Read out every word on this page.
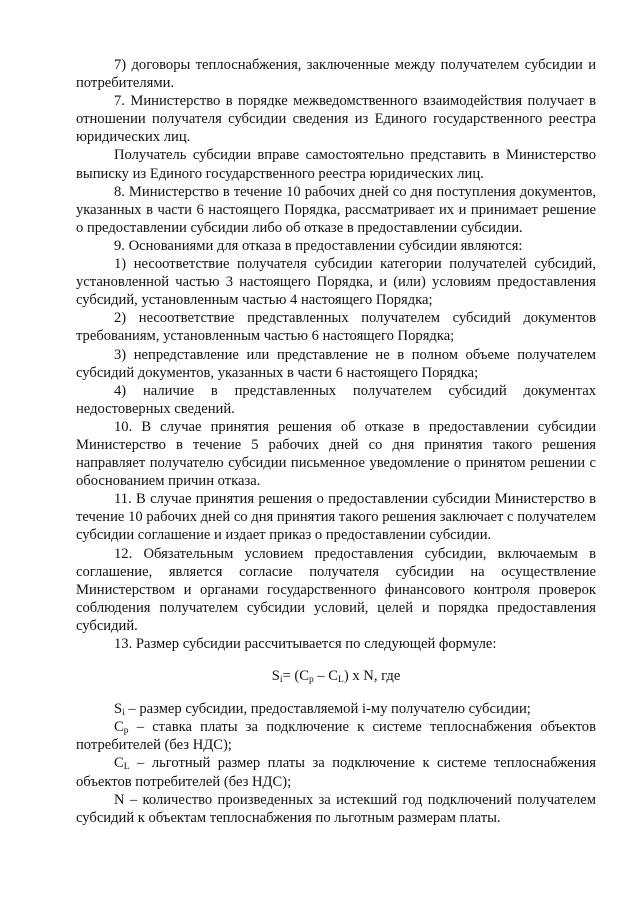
7) договоры теплоснабжения, заключенные между получателем субсидии и потребителями.

7. Министерство в порядке межведомственного взаимодействия получает в отношении получателя субсидии сведения из Единого государственного реестра юридических лиц.

Получатель субсидии вправе самостоятельно представить в Министерство выписку из Единого государственного реестра юридических лиц.

8. Министерство в течение 10 рабочих дней со дня поступления документов, указанных в части 6 настоящего Порядка, рассматривает их и принимает решение о предоставлении субсидии либо об отказе в предоставлении субсидии.

9. Основаниями для отказа в предоставлении субсидии являются:

1) несоответствие получателя субсидии категории получателей субсидий, установленной частью 3 настоящего Порядка, и (или) условиям предоставления субсидий, установленным частью 4 настоящего Порядка;

2) несоответствие представленных получателем субсидий документов требованиям, установленным частью 6 настоящего Порядка;

3) непредставление или представление не в полном объеме получателем субсидий документов, указанных в части 6 настоящего Порядка;

4) наличие в представленных получателем субсидий документах недостоверных сведений.

10. В случае принятия решения об отказе в предоставлении субсидии Министерство в течение 5 рабочих дней со дня принятия такого решения направляет получателю субсидии письменное уведомление о принятом решении с обоснованием причин отказа.

11. В случае принятия решения о предоставлении субсидии Министерство в течение 10 рабочих дней со дня принятия такого решения заключает с получателем субсидии соглашение и издает приказ о предоставлении субсидии.

12. Обязательным условием предоставления субсидии, включаемым в соглашение, является согласие получателя субсидии на осуществление Министерством и органами государственного финансового контроля проверок соблюдения получателем субсидии условий, целей и порядка предоставления субсидий.

13. Размер субсидии рассчитывается по следующей формуле:

$S_i= (C_p - C_L)$ x N, где

$S_i$ – размер субсидии, предоставляемой i-му получателю субсидии;

$C_p$ – ставка платы за подключение к системе теплоснабжения объектов потребителей (без НДС);

$C_L$ – льготный размер платы за подключение к системе теплоснабжения объектов потребителей (без НДС);

N – количество произведенных за истекший год подключений получателем субсидий к объектам теплоснабжения по льготным размерам платы.
